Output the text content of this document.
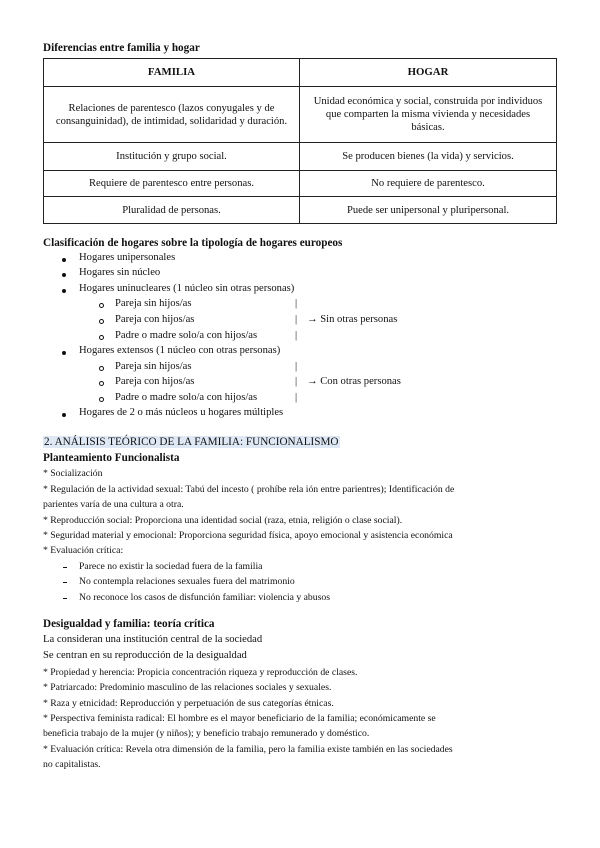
Diferencias entre familia y hogar
FAMILIA	HOGAR
Relaciones de parentesco (lazos conyugales y de consanguinidad), de intimidad, solidaridad y duración.	Unidad económica y social, construida por individuos que comparten la misma vivienda y necesidades básicas.
Institución y grupo social.	Se producen bienes (la vida) y servicios.
Requiere de parentesco entre personas.	No requiere de parentesco.
Pluralidad de personas.	Puede ser unipersonal y pluripersonal.
Clasificación de hogares sobre la tipología de hogares europeos
Hogares unipersonales
Hogares sin núcleo
Hogares uninucleares (1 núcleo sin otras personas)
Pareja sin hijos/as	|
Pareja con hijos/as	| → Sin otras personas
Padre o madre solo/a con hijos/as	|
Hogares extensos (1 núcleo con otras personas)
Pareja sin hijos/as	|
Pareja con hijos/as	| → Con otras personas
Padre o madre solo/a con hijos/as	|
Hogares de 2 o más núcleos u hogares múltiples
2. ANÁLISIS TEÓRICO DE LA FAMILIA: FUNCIONALISMO
Planteamiento Funcionalista
* Socialización
* Regulación de la actividad sexual: Tabú del incesto ( prohíbe rela ión entre parientres); Identificación de
parientes varía de una cultura a otra.
* Reproducción social: Proporciona una identidad social (raza, etnia, religión o clase social).
* Seguridad material y emocional: Proporciona seguridad física, apoyo emocional y asistencia económica
* Evaluación crítica:
Parece no existir la sociedad fuera de la familia
No contempla relaciones sexuales fuera del matrimonio
No reconoce los casos de disfunción familiar: violencia y abusos
Desigualdad y familia: teoría crítica
La consideran una institución central de la sociedad
Se centran en su reproducción de la desigualdad
* Propiedad y herencia: Propicia concentración riqueza y reproducción de clases.
* Patriarcado: Predominio masculino de las relaciones sociales y sexuales.
* Raza y etnicidad: Reproducción y perpetuación de sus categorías étnicas.
* Perspectiva feminista radical: El hombre es el mayor beneficiario de la familia; económicamente se
beneficia trabajo de la mujer (y niños); y beneficio trabajo remunerado y doméstico.
* Evaluación crítica: Revela otra dimensión de la familia, pero la familia existe también en las sociedades
no capitalistas.
